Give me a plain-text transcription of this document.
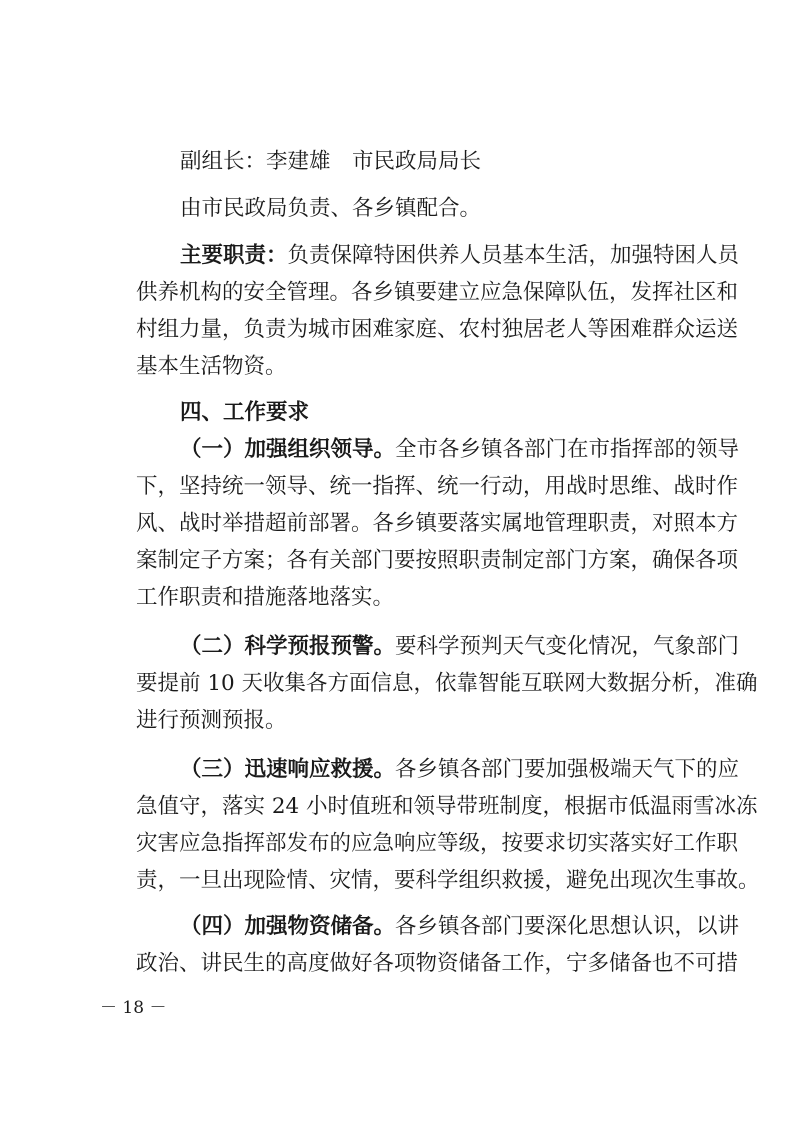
副组长：李建雄　市民政局局长
由市民政局负责、各乡镇配合。
主要职责：负责保障特困供养人员基本生活，加强特困人员
供养机构的安全管理。各乡镇要建立应急保障队伍，发挥社区和
村组力量，负责为城市困难家庭、农村独居老人等困难群众运送
基本生活物资。
四、工作要求
（一）加强组织领导。全市各乡镇各部门在市指挥部的领导
下，坚持统一领导、统一指挥、统一行动，用战时思维、战时作
风、战时举措超前部署。各乡镇要落实属地管理职责，对照本方
案制定子方案；各有关部门要按照职责制定部门方案，确保各项
工作职责和措施落地落实。
（二）科学预报预警。要科学预判天气变化情况，气象部门
要提前 10 天收集各方面信息，依靠智能互联网大数据分析，准确
进行预测预报。
（三）迅速响应救援。各乡镇各部门要加强极端天气下的应
急值守，落实 24 小时值班和领导带班制度，根据市低温雨雪冰冻
灾害应急指挥部发布的应急响应等级，按要求切实落实好工作职
责，一旦出现险情、灾情，要科学组织救援，避免出现次生事故。
（四）加强物资储备。各乡镇各部门要深化思想认识，以讲
政治、讲民生的高度做好各项物资储备工作，宁多储备也不可措
－ 18 －
